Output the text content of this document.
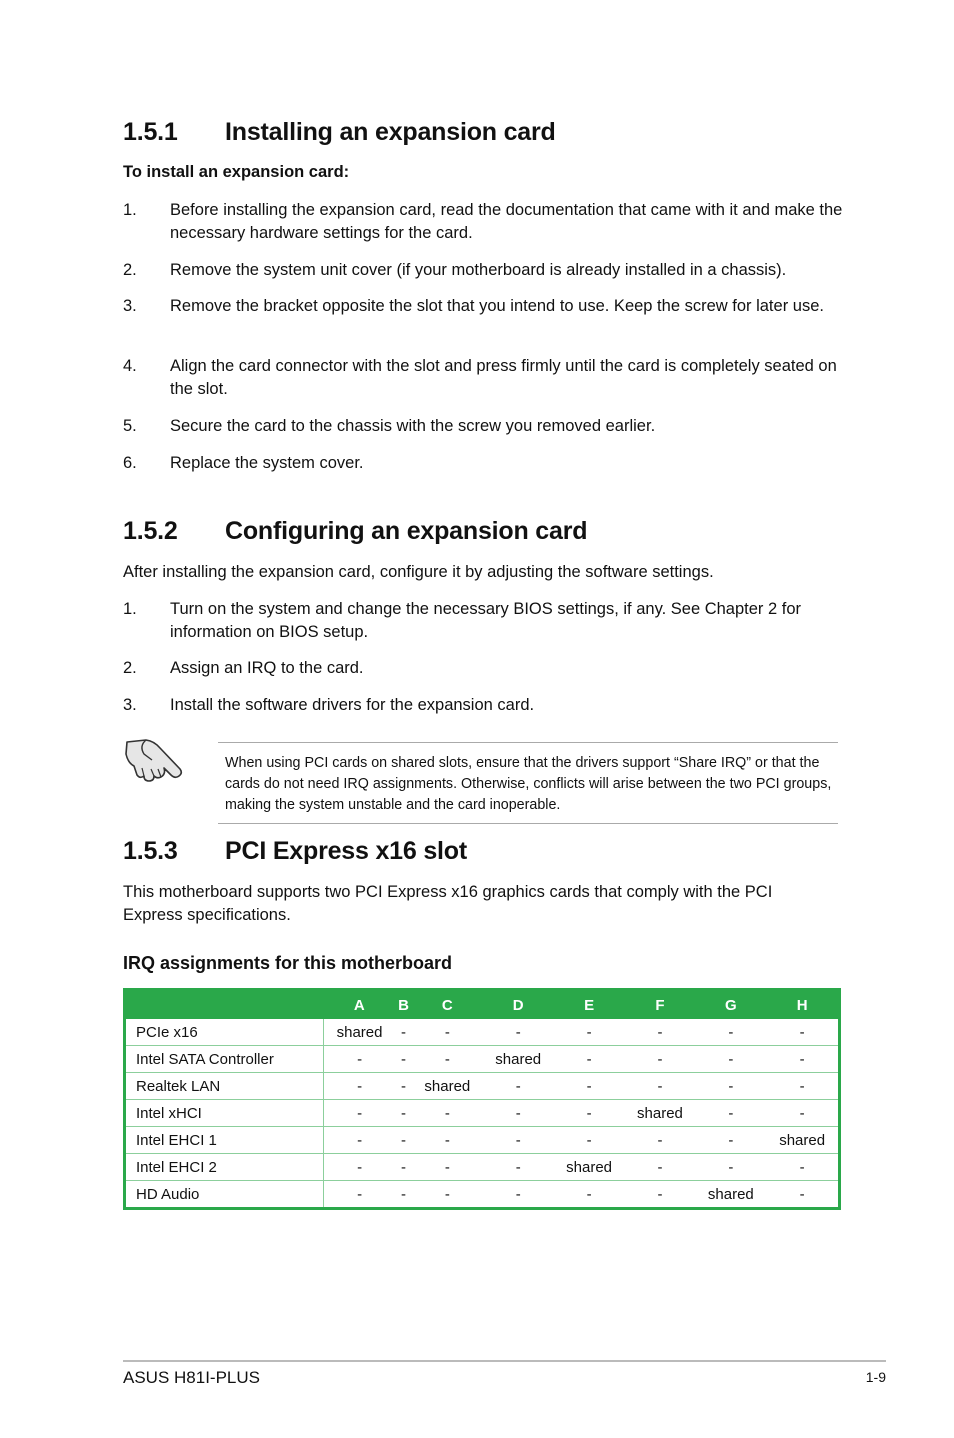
1.5.1 Installing an expansion card
To install an expansion card:
1. Before installing the expansion card, read the documentation that came with it and make the necessary hardware settings for the card.
2. Remove the system unit cover (if your motherboard is already installed in a chassis).
3. Remove the bracket opposite the slot that you intend to use. Keep the screw for later use.
4. Align the card connector with the slot and press firmly until the card is completely seated on the slot.
5. Secure the card to the chassis with the screw you removed earlier.
6. Replace the system cover.
1.5.2 Configuring an expansion card
After installing the expansion card, configure it by adjusting the software settings.
1. Turn on the system and change the necessary BIOS settings, if any. See Chapter 2 for information on BIOS setup.
2. Assign an IRQ to the card.
3. Install the software drivers for the expansion card.
When using PCI cards on shared slots, ensure that the drivers support “Share IRQ” or that the cards do not need IRQ assignments. Otherwise, conflicts will arise between the two PCI groups, making the system unstable and the card inoperable.
1.5.3 PCI Express x16 slot
This motherboard supports two PCI Express x16 graphics cards that comply with the PCI Express specifications.
IRQ assignments for this motherboard
	A	B	C	D	E	F	G	H
PCIe x16	shared	-	-	-	-	-	-	-
Intel SATA Controller	-	-	-	shared	-	-	-	-
Realtek LAN	-	-	shared	-	-	-	-	-
Intel xHCI	-	-	-	-	-	shared	-	-
Intel EHCI 1	-	-	-	-	-	-	-	shared
Intel EHCI 2	-	-	-	-	shared	-	-	-
HD Audio	-	-	-	-	-	-	shared	-
ASUS H81I-PLUS	1-9
